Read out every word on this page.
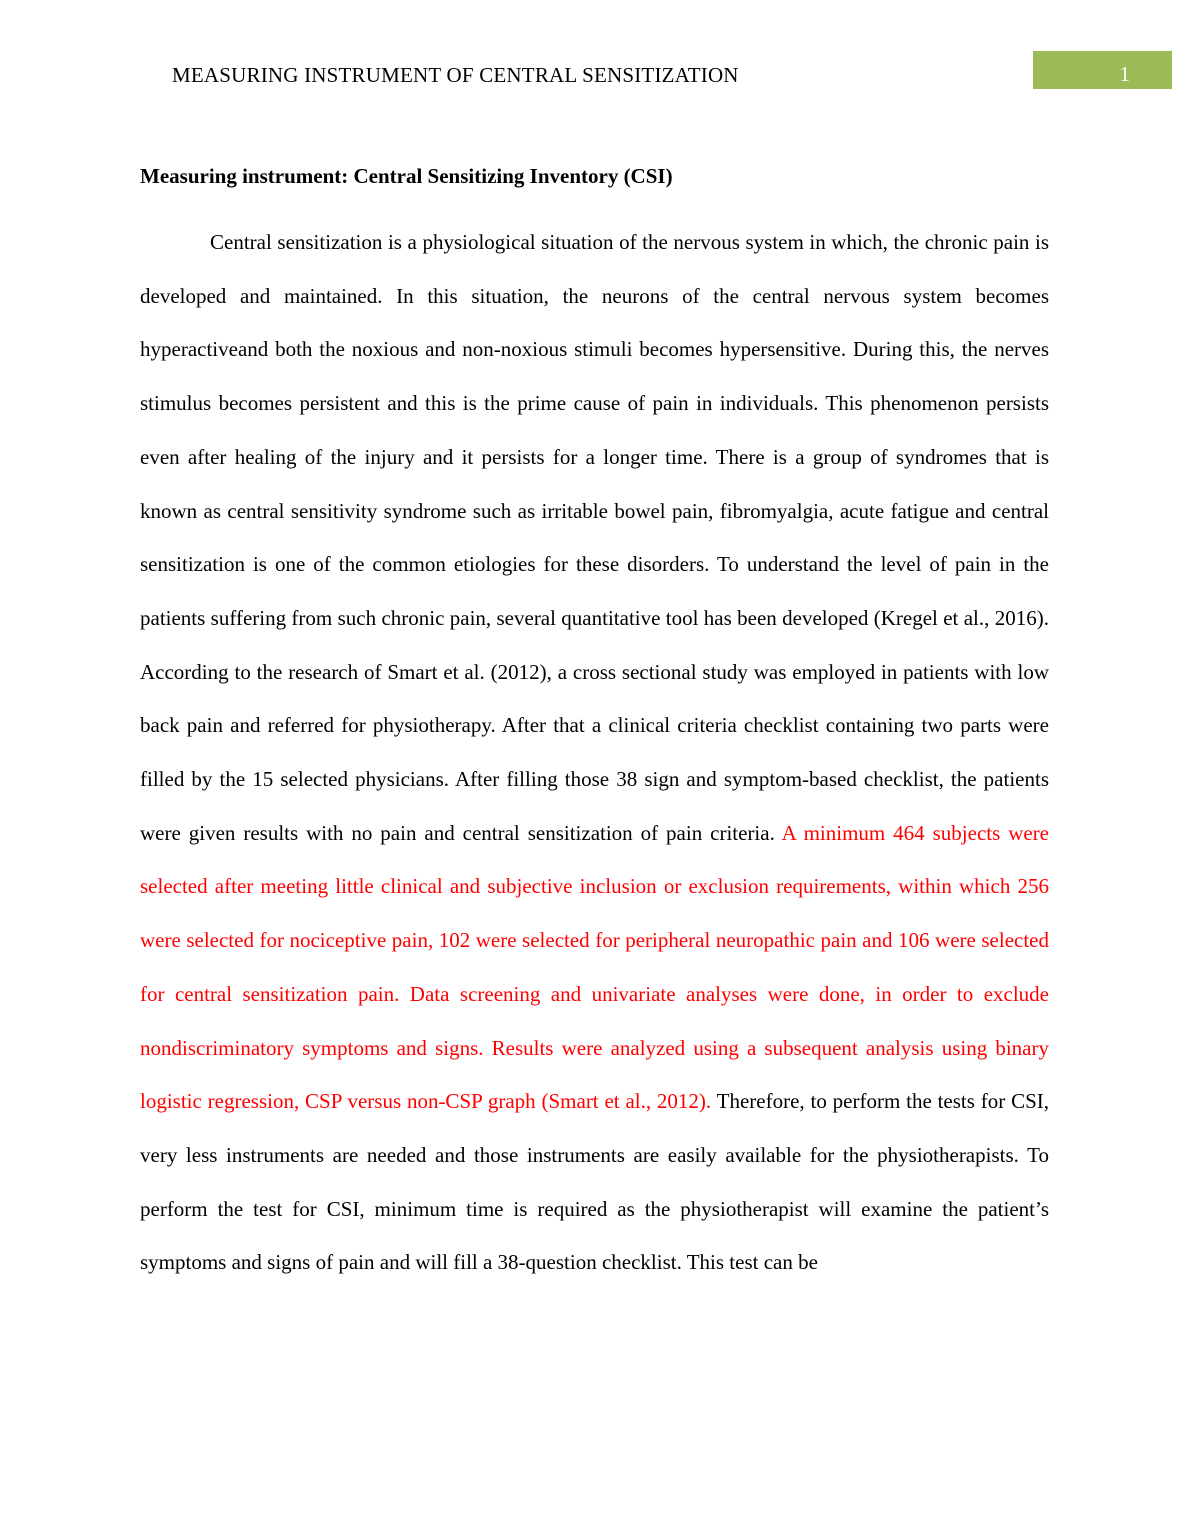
MEASURING INSTRUMENT OF CENTRAL SENSITIZATION	1
Measuring instrument: Central Sensitizing Inventory (CSI)

Central sensitization is a physiological situation of the nervous system in which, the chronic pain is developed and maintained. In this situation, the neurons of the central nervous system becomes hyperactiveand both the noxious and non-noxious stimuli becomes hypersensitive. During this, the nerves stimulus becomes persistent and this is the prime cause of pain in individuals. This phenomenon persists even after healing of the injury and it persists for a longer time. There is a group of syndromes that is known as central sensitivity syndrome such as irritable bowel pain, fibromyalgia, acute fatigue and central sensitization is one of the common etiologies for these disorders. To understand the level of pain in the patients suffering from such chronic pain, several quantitative tool has been developed (Kregel et al., 2016). According to the research of Smart et al. (2012), a cross sectional study was employed in patients with low back pain and referred for physiotherapy. After that a clinical criteria checklist containing two parts were filled by the 15 selected physicians. After filling those 38 sign and symptom-based checklist, the patients were given results with no pain and central sensitization of pain criteria. A minimum 464 subjects were selected after meeting little clinical and subjective inclusion or exclusion requirements, within which 256 were selected for nociceptive pain, 102 were selected for peripheral neuropathic pain and 106 were selected for central sensitization pain. Data screening and univariate analyses were done, in order to exclude nondiscriminatory symptoms and signs. Results were analyzed using a subsequent analysis using binary logistic regression, CSP versus non-CSP graph (Smart et al., 2012). Therefore, to perform the tests for CSI, very less instruments are needed and those instruments are easily available for the physiotherapists. To perform the test for CSI, minimum time is required as the physiotherapist will examine the patient’s symptoms and signs of pain and will fill a 38-question checklist. This test can be
